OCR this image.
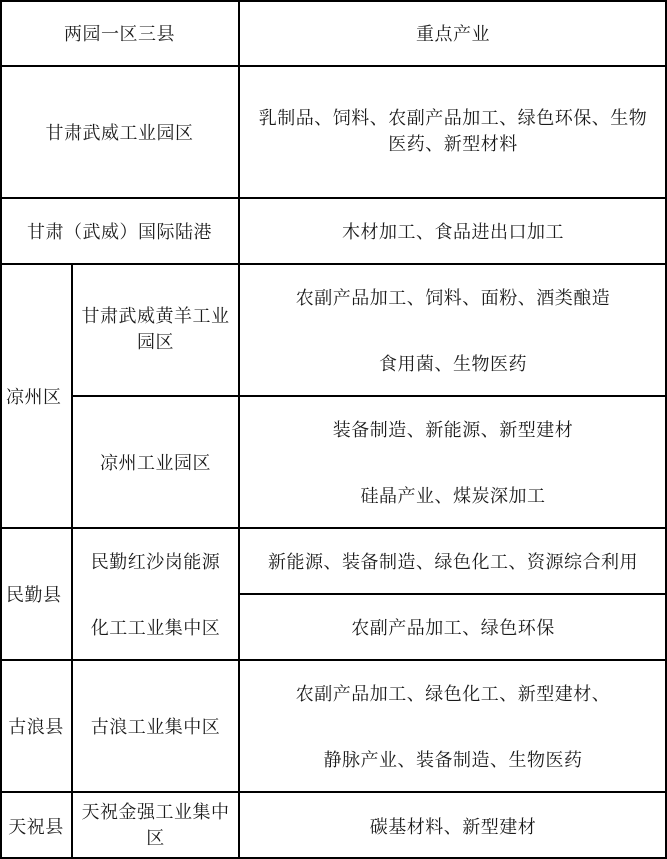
两园一区三县	重点产业
甘肃武威工业园区
乳制品、饲料、农副产品加工、绿色环保、生物
医药、新型材料
甘肃（武威）国际陆港	木材加工、食品进出口加工
凉州区
甘肃武威黄羊工业
园区
农副产品加工、饲料、面粉、酒类酿造
食用菌、生物医药
凉州工业园区
装备制造、新能源、新型建材
硅晶产业、煤炭深加工
民勤县
民勤红沙岗能源
化工工业集中区
新能源、装备制造、绿色化工、资源综合利用
农副产品加工、绿色环保
古浪县 古浪工业集中区
农副产品加工、绿色化工、新型建材、
静脉产业、装备制造、生物医药
天祝县
天祝金强工业集中
区
碳基材料、新型建材
